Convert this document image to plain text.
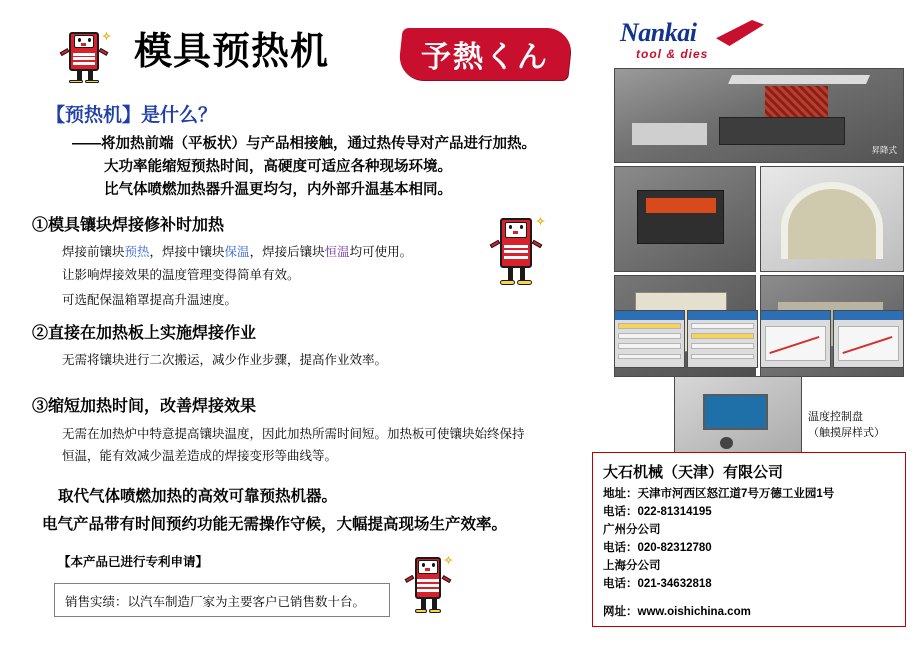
✧ 模具预热机	予熱くん
【预热机】是什么？
——将加热前端（平板状）与产品相接触，通过热传导对产品进行加热。
大功率能缩短预热时间，高硬度可适应各种现场环境。
比气体喷燃加热器升温更均匀，内外部升温基本相同。
①模具镶块焊接修补时加热
焊接前镶块预热，焊接中镶块保温，焊接后镶块恒温均可使用。
让影响焊接效果的温度管理变得简单有效。
可选配保温箱罩提高升温速度。
✧
②直接在加热板上实施焊接作业
无需将镶块进行二次搬运，减少作业步骤，提高作业效率。
③缩短加热时间，改善焊接效果
无需在加热炉中特意提高镶块温度，因此加热所需时间短。加热板可使镶块始终保持
恒温，能有效减少温差造成的焊接变形等曲线等。
取代气体喷燃加热的高效可靠预热机器。
电气产品带有时间预约功能无需操作守候，大幅提高现场生产效率。
【本产品已进行专利申请】
销售实绩：以汽车制造厂家为主要客户已销售数十台。
✧
Nankai
tool & dies
昇降式
温度控制盘
（触摸屏样式）
大石机械（天津）有限公司
地址：天津市河西区怒江道7号万德工业园1号
电话：022-81314195
广州分公司
电话：020-82312780
上海分公司
电话：021-34632818
网址：www.oishichina.com
